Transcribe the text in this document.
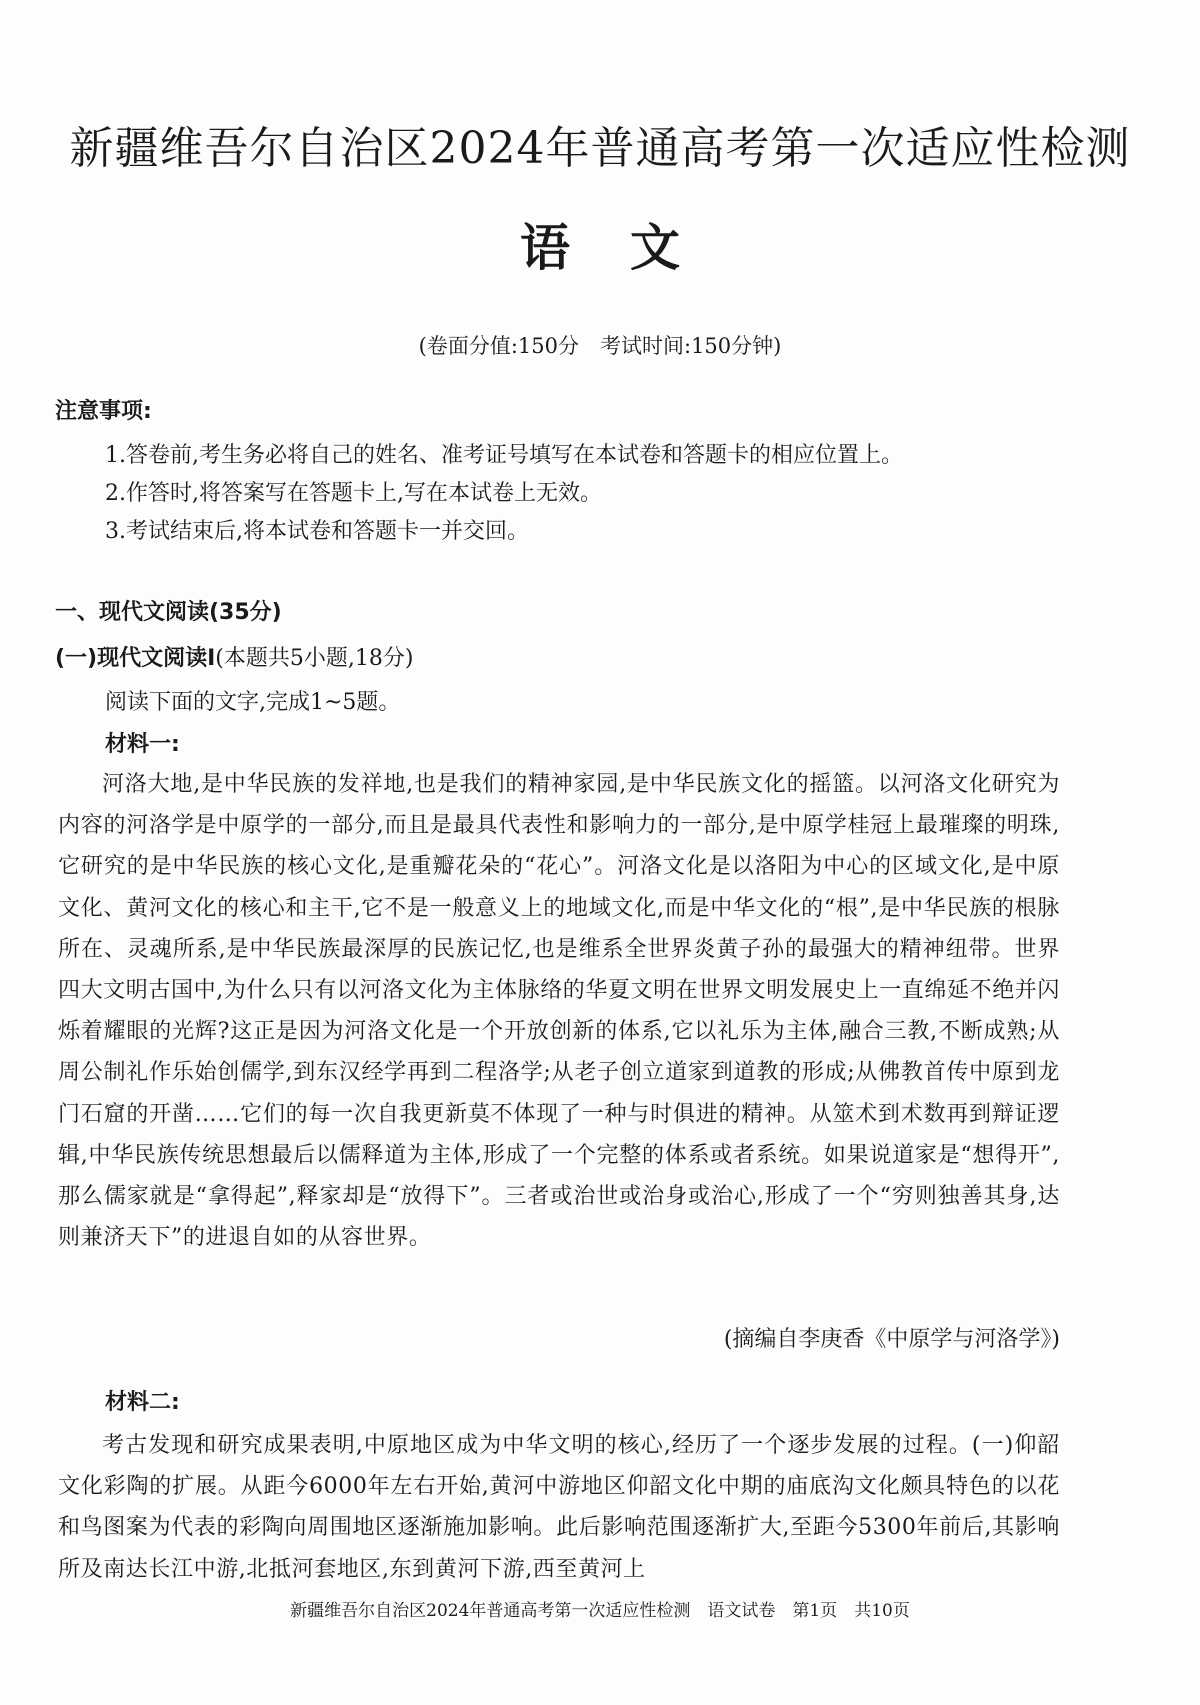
新疆维吾尔自治区2024年普通高考第一次适应性检测
语文
(卷面分值:150分　考试时间:150分钟)
注意事项:
1.答卷前,考生务必将自己的姓名、准考证号填写在本试卷和答题卡的相应位置上。
2.作答时,将答案写在答题卡上,写在本试卷上无效。
3.考试结束后,将本试卷和答题卡一并交回。
一、现代文阅读(35分)
(一)现代文阅读Ⅰ(本题共5小题,18分)
阅读下面的文字,完成1~5题。
材料一:
河洛大地,是中华民族的发祥地,也是我们的精神家园,是中华民族文化的摇篮。以河洛文化研究为内容的河洛学是中原学的一部分,而且是最具代表性和影响力的一部分,是中原学桂冠上最璀璨的明珠,它研究的是中华民族的核心文化,是重瓣花朵的“花心”。河洛文化是以洛阳为中心的区域文化,是中原文化、黄河文化的核心和主干,它不是一般意义上的地域文化,而是中华文化的“根”,是中华民族的根脉所在、灵魂所系,是中华民族最深厚的民族记忆,也是维系全世界炎黄子孙的最强大的精神纽带。世界四大文明古国中,为什么只有以河洛文化为主体脉络的华夏文明在世界文明发展史上一直绵延不绝并闪烁着耀眼的光辉?这正是因为河洛文化是一个开放创新的体系,它以礼乐为主体,融合三教,不断成熟;从周公制礼作乐始创儒学,到东汉经学再到二程洛学;从老子创立道家到道教的形成;从佛教首传中原到龙门石窟的开凿……它们的每一次自我更新莫不体现了一种与时俱进的精神。从筮术到术数再到辩证逻辑,中华民族传统思想最后以儒释道为主体,形成了一个完整的体系或者系统。如果说道家是“想得开”,那么儒家就是“拿得起”,释家却是“放得下”。三者或治世或治身或治心,形成了一个“穷则独善其身,达则兼济天下”的进退自如的从容世界。
(摘编自李庚香《中原学与河洛学》)
材料二:
考古发现和研究成果表明,中原地区成为中华文明的核心,经历了一个逐步发展的过程。(一)仰韶文化彩陶的扩展。从距今6000年左右开始,黄河中游地区仰韶文化中期的庙底沟文化颇具特色的以花和鸟图案为代表的彩陶向周围地区逐渐施加影响。此后影响范围逐渐扩大,至距今5300年前后,其影响所及南达长江中游,北抵河套地区,东到黄河下游,西至黄河上
新疆维吾尔自治区2024年普通高考第一次适应性检测　语文试卷　第1页　共10页
